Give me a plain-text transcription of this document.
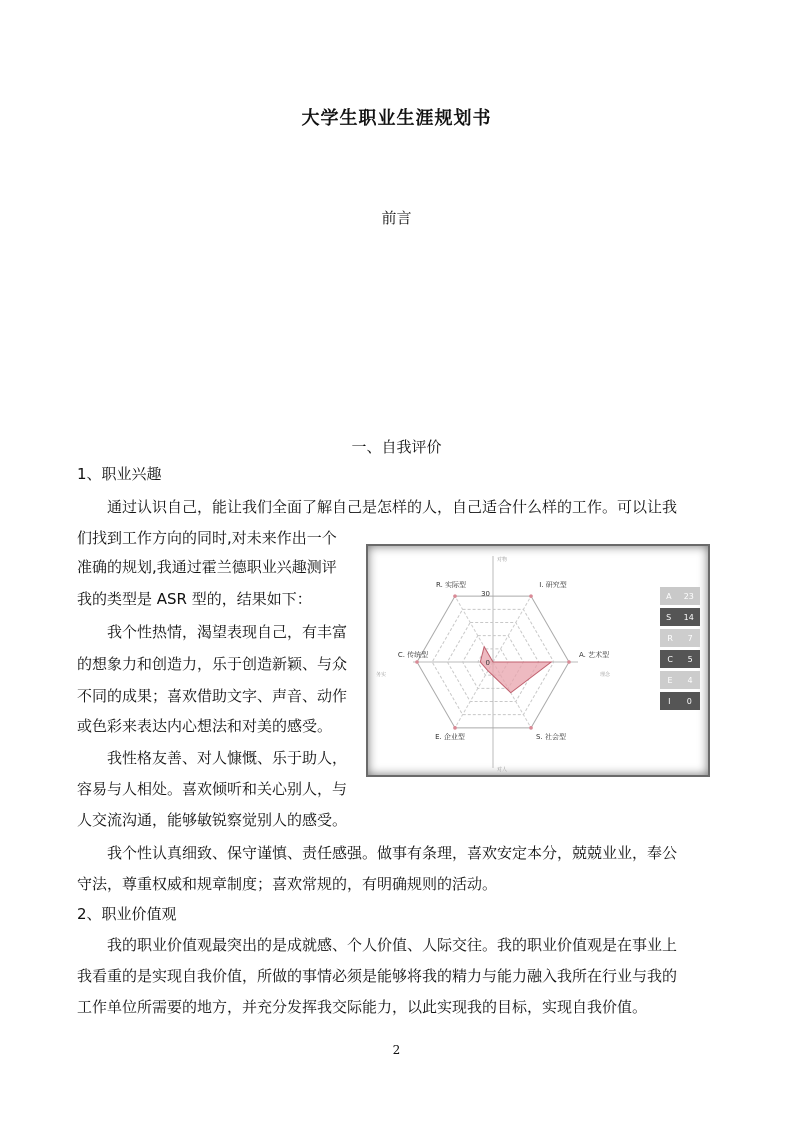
大学生职业生涯规划书
前言
一、自我评价
1、职业兴趣
通过认识自己，能让我们全面了解自己是怎样的人，自己适合什么样的工作。可以让我
们找到工作方向的同时,对未来作出一个
准确的规划,我通过霍兰德职业兴趣测评
我的类型是 ASR 型的，结果如下：
我个性热情，渴望表现自己，有丰富
的想象力和创造力，乐于创造新颖、与众
不同的成果；喜欢借助文字、声音、动作
或色彩来表达内心想法和对美的感受。
我性格友善、对人慷慨、乐于助人，
容易与人相处。喜欢倾听和关心别人，与
人交流沟通，能够敏锐察觉别人的感受。
我个性认真细致、保守谨慎、责任感强。做事有条理，喜欢安定本分，兢兢业业，奉公
守法，尊重权威和规章制度；喜欢常规的，有明确规则的活动。
2、职业价值观
我的职业价值观最突出的是成就感、个人价值、人际交往。我的职业价值观是在事业上
我看重的是实现自我价值，所做的事情必须是能够将我的精力与能力融入我所在行业与我的
工作单位所需要的地方，并充分发挥我交际能力，以此实现我的目标，实现自我价值。
R. 实际型	I. 研究型
A. 艺术型
S. 社会型
E. 企业型
C. 传统型
30
0
对物
对人
务实	理念
A 23
S 14
R 7
C 5
E 4
I 0
2
